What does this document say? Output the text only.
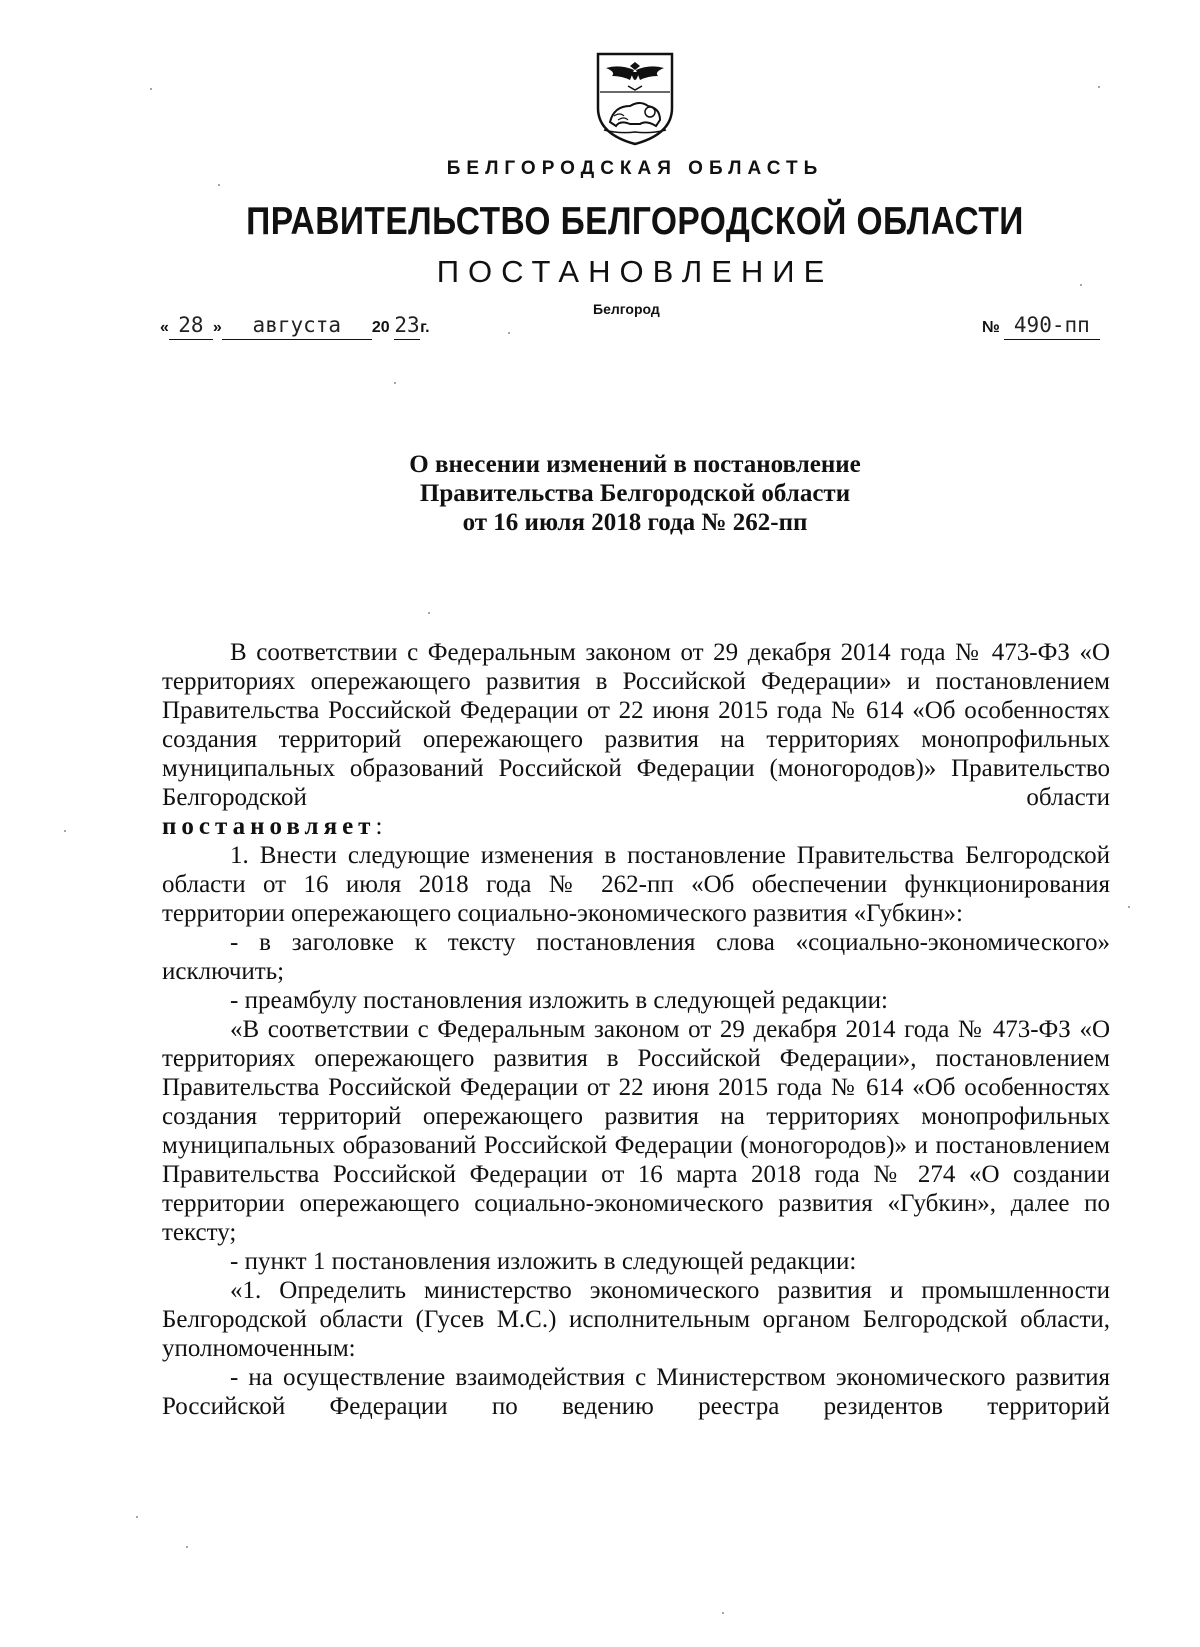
БЕЛГОРОДСКАЯ ОБЛАСТЬ
ПРАВИТЕЛЬСТВО БЕЛГОРОДСКОЙ ОБЛАСТИ
ПОСТАНОВЛЕНИЕ
Белгород
« 28 » августа 20 23г.	№ 490-пп
О внесении изменений в постановление
Правительства Белгородской области
от 16 июля 2018 года № 262-пп

В соответствии с Федеральным законом от 29 декабря 2014 года № 473-ФЗ «О территориях опережающего развития в Российской Федерации» и постановлением Правительства Российской Федерации от 22 июня 2015 года № 614 «Об особенностях создания территорий опережающего развития на территориях монопрофильных муниципальных образований Российской Федерации (моногородов)» Правительство Белгородской области

постановляет:

1. Внести следующие изменения в постановление Правительства Белгородской области от 16 июля 2018 года № 262-пп «Об обеспечении функционирования территории опережающего социально-экономического развития «Губкин»:

- в заголовке к тексту постановления слова «социально-экономического» исключить;

- преамбулу постановления изложить в следующей редакции:

«В соответствии с Федеральным законом от 29 декабря 2014 года № 473-ФЗ «О территориях опережающего развития в Российской Федерации», постановлением Правительства Российской Федерации от 22 июня 2015 года № 614 «Об особенностях создания территорий опережающего развития на территориях монопрофильных муниципальных образований Российской Федерации (моногородов)» и постановлением Правительства Российской Федерации от 16 марта 2018 года № 274 «О создании территории опережающего социально-экономического развития «Губкин», далее по тексту;

- пункт 1 постановления изложить в следующей редакции:

«1. Определить министерство экономического развития и промышленности Белгородской области (Гусев М.С.) исполнительным органом Белгородской области, уполномоченным:

- на осуществление взаимодействия с Министерством экономического развития Российской Федерации по ведению реестра резидентов территорий
